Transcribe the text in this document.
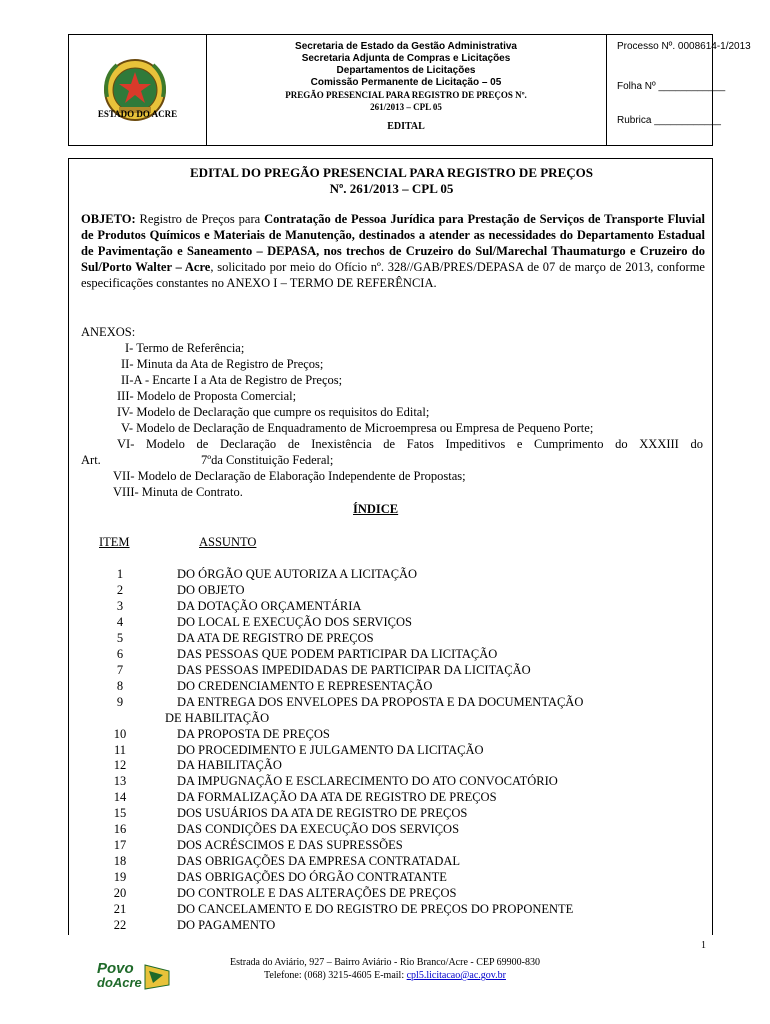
ESTADO DO ACRE
Secretaria de Estado da Gestão Administrativa
Secretaria Adjunta de Compras e Licitações
Departamentos de Licitações
Comissão Permanente de Licitação – 05
PREGÃO PRESENCIAL PARA REGISTRO DE PREÇOS Nº.
261/2013 – CPL 05
EDITAL
Processo Nº. 0008614-1/2013
Folha Nº ____________
Rubrica ____________
EDITAL DO PREGÃO PRESENCIAL PARA REGISTRO DE PREÇOS
Nº. 261/2013 – CPL 05
OBJETO: Registro de Preços para Contratação de Pessoa Jurídica para Prestação de Serviços de Transporte Fluvial de Produtos Químicos e Materiais de Manutenção, destinados a atender as necessidades do Departamento Estadual de Pavimentação e Saneamento – DEPASA, nos trechos de Cruzeiro do Sul/Marechal Thaumaturgo e Cruzeiro do Sul/Porto Walter – Acre, solicitado por meio do Ofício nº. 328//GAB/PRES/DEPASA de 07 de março de 2013, conforme especificações constantes no ANEXO I – TERMO DE REFERÊNCIA.
ANEXOS:
I- Termo de Referência;
II- Minuta da Ata de Registro de Preços;
II-A - Encarte I a Ata de Registro de Preços;
III- Modelo de Proposta Comercial;
IV- Modelo de Declaração que cumpre os requisitos do Edital;
V- Modelo de Declaração de Enquadramento de Microempresa ou Empresa de Pequeno Porte;
VI- Modelo de Declaração de Inexistência de Fatos Impeditivos e Cumprimento do XXXIII do
Art.	7ºda Constituição Federal;
VII- Modelo de Declaração de Elaboração Independente de Propostas;
VIII- Minuta de Contrato.
ÍNDICE
ITEM	ASSUNTO
1	DO ÓRGÃO QUE AUTORIZA A LICITAÇÃO
2	DO OBJETO
3	DA DOTAÇÃO ORÇAMENTÁRIA
4	DO LOCAL E EXECUÇÃO DOS SERVIÇOS
5	DA ATA DE REGISTRO DE PREÇOS
6	DAS PESSOAS QUE PODEM PARTICIPAR DA LICITAÇÃO
7	DAS PESSOAS IMPEDIDADAS DE PARTICIPAR DA LICITAÇÃO
8	DO CREDENCIAMENTO E REPRESENTAÇÃO
9	DA ENTREGA DOS ENVELOPES DA PROPOSTA E DA DOCUMENTAÇÃO
DE HABILITAÇÃO
10	DA PROPOSTA DE PREÇOS
11	DO PROCEDIMENTO E JULGAMENTO DA LICITAÇÃO
12	DA HABILITAÇÃO
13	DA IMPUGNAÇÃO E ESCLARECIMENTO DO ATO CONVOCATÓRIO
14	DA FORMALIZAÇÃO DA ATA DE REGISTRO DE PREÇOS
15	DOS USUÁRIOS DA ATA DE REGISTRO DE PREÇOS
16	DAS CONDIÇÕES DA EXECUÇÃO DOS SERVIÇOS
17	DOS ACRÉSCIMOS E DAS SUPRESSÕES
18	DAS OBRIGAÇÕES DA EMPRESA CONTRATADAL
19	DAS OBRIGAÇÕES DO ÓRGÃO CONTRATANTE
20	DO CONTROLE E DAS ALTERAÇÕES DE PREÇOS
21	DO CANCELAMENTO E DO REGISTRO DE PREÇOS DO PROPONENTE
22	DO PAGAMENTO
1
Povo
doAcre
Estrada do Aviário, 927 – Bairro Aviário - Rio Branco/Acre - CEP 69900-830
Telefone: (068) 3215-4605 E-mail: cpl5.licitacao@ac.gov.br
